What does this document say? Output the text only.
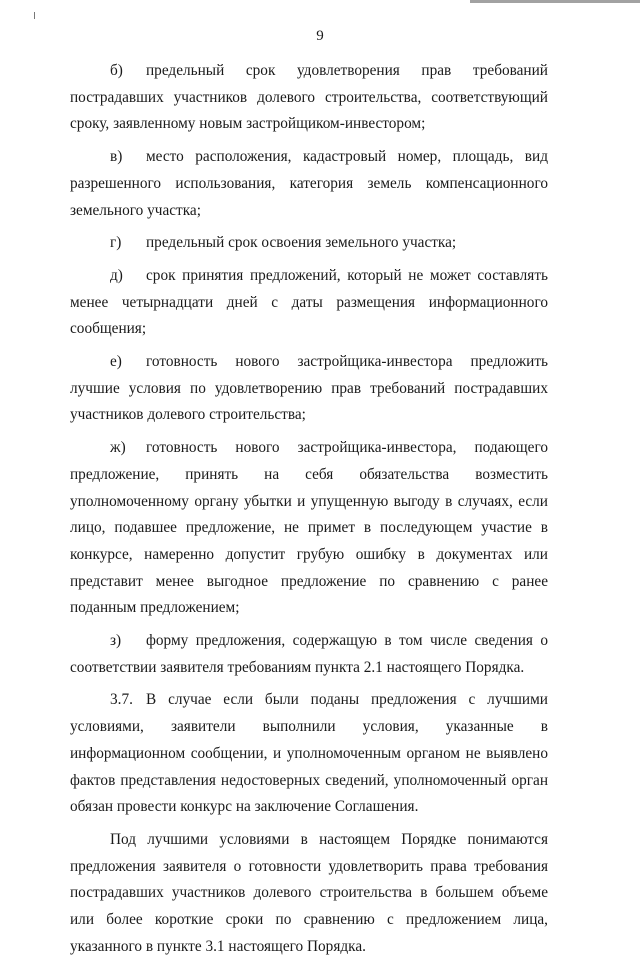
9

б) предельный срок удовлетворения прав требований пострадавших участников долевого строительства, соответствующий сроку, заявленному новым застройщиком-инвестором;

в) место расположения, кадастровый номер, площадь, вид разрешенного использования, категория земель компенсационного земельного участка;

г) предельный срок освоения земельного участка;

д) срок принятия предложений, который не может составлять менее четырнадцати дней с даты размещения информационного сообщения;

е) готовность нового застройщика-инвестора предложить лучшие условия по удовлетворению прав требований пострадавших участников долевого строительства;

ж) готовность нового застройщика-инвестора, подающего предложение, принять на себя обязательства возместить уполномоченному органу убытки и упущенную выгоду в случаях, если лицо, подавшее предложение, не примет в последующем участие в конкурсе, намеренно допустит грубую ошибку в документах или представит менее выгодное предложение по сравнению с ранее поданным предложением;

з) форму предложения, содержащую в том числе сведения о соответствии заявителя требованиям пункта 2.1 настоящего Порядка.

3.7. В случае если были поданы предложения с лучшими условиями, заявители выполнили условия, указанные в информационном сообщении, и уполномоченным органом не выявлено фактов представления недостоверных сведений, уполномоченный орган обязан провести конкурс на заключение Соглашения.

Под лучшими условиями в настоящем Порядке понимаются предложения заявителя о готовности удовлетворить права требования пострадавших участников долевого строительства в большем объеме или более короткие сроки по сравнению с предложением лица, указанного в пункте 3.1 настоящего Порядка.
